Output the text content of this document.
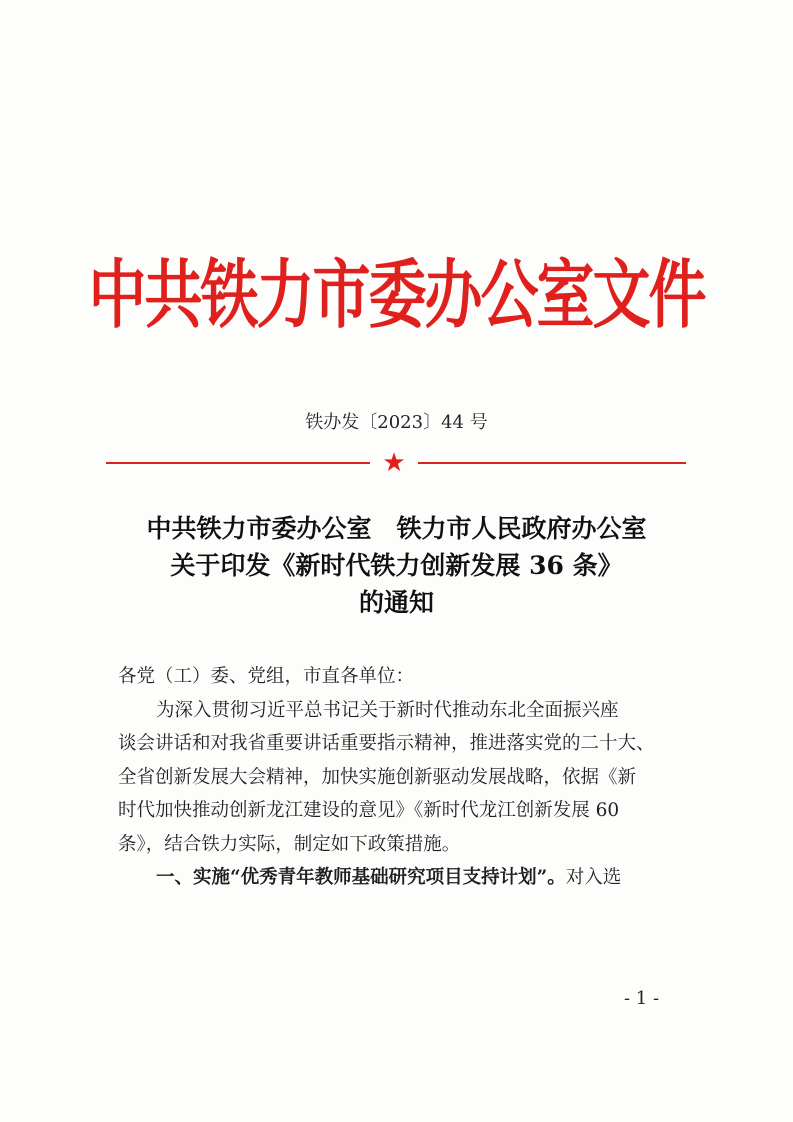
中共铁力市委办公室文件
铁办发〔2023〕44 号
★
中共铁力市委办公室　铁力市人民政府办公室
关于印发《新时代铁力创新发展 36 条》
的通知
各党（工）委、党组，市直各单位：
为深入贯彻习近平总书记关于新时代推动东北全面振兴座
谈会讲话和对我省重要讲话重要指示精神，推进落实党的二十大、
全省创新发展大会精神，加快实施创新驱动发展战略，依据《新
时代加快推动创新龙江建设的意见》《新时代龙江创新发展 60
条》，结合铁力实际，制定如下政策措施。
一、实施“优秀青年教师基础研究项目支持计划”。对入选
- 1 -
